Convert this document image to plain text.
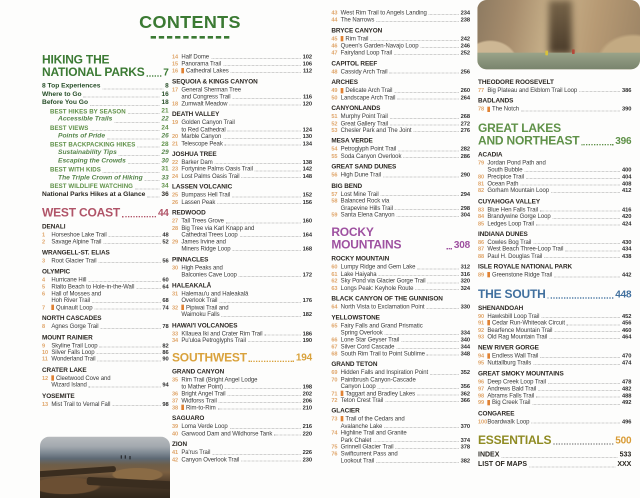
CONTENTS
HIKING THE
NATIONAL PARKS 7
8 Top Experiences	8
Where to Go	16
Before You Go	18
BEST HIKES BY SEASON	21
Accessible Trails	22
BEST VIEWS	24
Points of Pride	26
BEST BACKPACKING HIKES	28
Sustainability Tips	29
Escaping the Crowds	30
BEST WITH KIDS	31
The Triple Crown of Hiking 33
BEST WILDLIFE WATCHING	34
National Parks Hikes at a Glance 36
WEST COAST	44
DENALI
1 Horseshoe Lake Trail	48
2 Savage Alpine Trail	52
WRANGELL-ST. ELIAS
3 Root Glacier Trail	56
OLYMPIC
4 Hurricane Hill	60
5 Rialto Beach to Hole-in-the-Wall	64
6 Hall of Mosses and
Hoh River Trail	68
7	Quinault Loop	74
NORTH CASCADES
8 Agnes Gorge Trail	78
MOUNT RAINIER
9 Skyline Trail Loop	82
10 Silver Falls Loop	86
11 Wonderland Trail	90
CRATER LAKE
12 Cleetwood Cove and
Wizard Island	94
YOSEMITE
13 Mist Trail to Vernal Fall	98
14 Half Dome	102
15 Panorama Trail	106
16 Cathedral Lakes	112
SEQUOIA & KINGS CANYON
17 General Sherman Tree
and Congress Trail	116
18 Zumwalt Meadow	120
DEATH VALLEY
19 Golden Canyon Trail
to Red Cathedral	124
20 Marble Canyon	130
21 Telescope Peak	134
JOSHUA TREE
22 Barker Dam	138
23 Fortynine Palms Oasis Trail	142
24 Lost Palms Oasis Trail	148
LASSEN VOLCANIC
25 Bumpass Hell Trail	152
26 Lassen Peak	156
REDWOOD
27 Tall Trees Grove	160
28 Big Tree via Karl Knapp and
Cathedral Trees Loop	164
29 James Irvine and
Miners Ridge Loop	168
PINNACLES
30 High Peaks and
Balconies Cave Loop	172
HALEAKALĀ
31 Halemau'u and Haleakalā
Overlook Trail	176
32 Pipiwai Trail and
Waimoku Falls	182
HAWAI'I VOLCANOES
33 Kīlauea Iki and Crater Rim Trail	186
34 Pu'uloa Petroglyphs Trail	190
SOUTHWEST	194
GRAND CANYON
35 Rim Trail (Bright Angel Lodge
to Mather Point)	198
36 Bright Angel Trail	202
37 Widforss Trail	206
38 Rim-to-Rim	210
SAGUARO
39 Loma Verde Loop	216
40 Garwood Dam and Wildhorse Tank	220
ZION
41 Pa'rus Trail	226
42 Canyon Overlook Trail	230
43 West Rim Trail to Angels Landing	234
44 The Narrows	238
BRYCE CANYON
45 Rim Trail	242
46 Queen's Garden-Navajo Loop	246
47 Fairyland Loop Trail	252
CAPITOL REEF
48 Cassidy Arch Trail	256
ARCHES
49 Delicate Arch Trail	260
50 Landscape Arch Trail	264
CANYONLANDS
51 Murphy Point Trail	268
52 Great Gallery Trail	272
53 Chesler Park and The Joint	276
MESA VERDE
54 Petroglyph Point Trail	282
55 Soda Canyon Overlook	286
GREAT SAND DUNES
56 High Dune Trail	290
BIG BEND
57 Lost Mine Trail	294
58 Balanced Rock via
Grapevine Hills Trail	298
59 Santa Elena Canyon	304
ROCKY MOUNTAINS	308
ROCKY MOUNTAIN
60 Lumpy Ridge and Gem Lake	312
61 Lake Haiyaha	316
62 Sky Pond via Glacier Gorge Trail	320
63 Longs Peak: Keyhole Route	324
BLACK CANYON OF THE GUNNISON
64 North Vista to Exclamation Point	330
YELLOWSTONE
65 Fairy Falls and Grand Prismatic
Spring Overlook	334
66 Lone Star Geyser Trail	340
67 Silver Cord Cascade	344
68 South Rim Trail to Point Sublime	348
GRAND TETON
69 Hidden Falls and Inspiration Point	352
70 Paintbrush Canyon-Cascade
Canyon Loop	356
71 Taggart and Bradley Lakes	362
72 Teton Crest Trail	366
GLACIER
73 Trail of the Cedars and
Avalanche Lake	370
74 Highline Trail and Granite
Park Chalet	374
75 Grinnell Glacier Trail	378
76 Swiftcurrent Pass and
Lookout Trail	382
THEODORE ROOSEVELT
77 Big Plateau and Ekblom Trail Loop	386
BADLANDS
78 The Notch	390
GREAT LAKES
AND NORTHEAST 396
ACADIA
79 Jordan Pond Path and
South Bubble	400
80 Precipice Trail	404
81 Ocean Path	408
82 Gorham Mountain Loop	412
CUYAHOGA VALLEY
83 Blue Hen Falls Trail	416
84 Brandywine Gorge Loop	420
85 Ledges Loop Trail	424
INDIANA DUNES
86 Cowles Bog Trail	430
87 West Beach Three-Loop Trail	434
88 Paul H. Douglas Trail	438
ISLE ROYALE NATIONAL PARK
89 Greenstone Ridge Trail	442
THE SOUTH	448
SHENANDOAH
90 Hawksbill Loop Trail	452
91 Cedar Run-Whiteoak Circuit	456
92 Bearfence Mountain Trail	460
93 Old Rag Mountain Trail	464
NEW RIVER GORGE
94 Endless Wall Trail	470
95 Nuttallburg Trails	474
GREAT SMOKY MOUNTAINS
96 Deep Creek Loop Trail	478
97 Andrews Bald Trail	482
98 Abrams Falls Trail	488
99 Big Creek Trail	492
CONGAREE
100 Boardwalk Loop	496
ESSENTIALS	500
INDEX	533
LIST OF MAPS	XXX
